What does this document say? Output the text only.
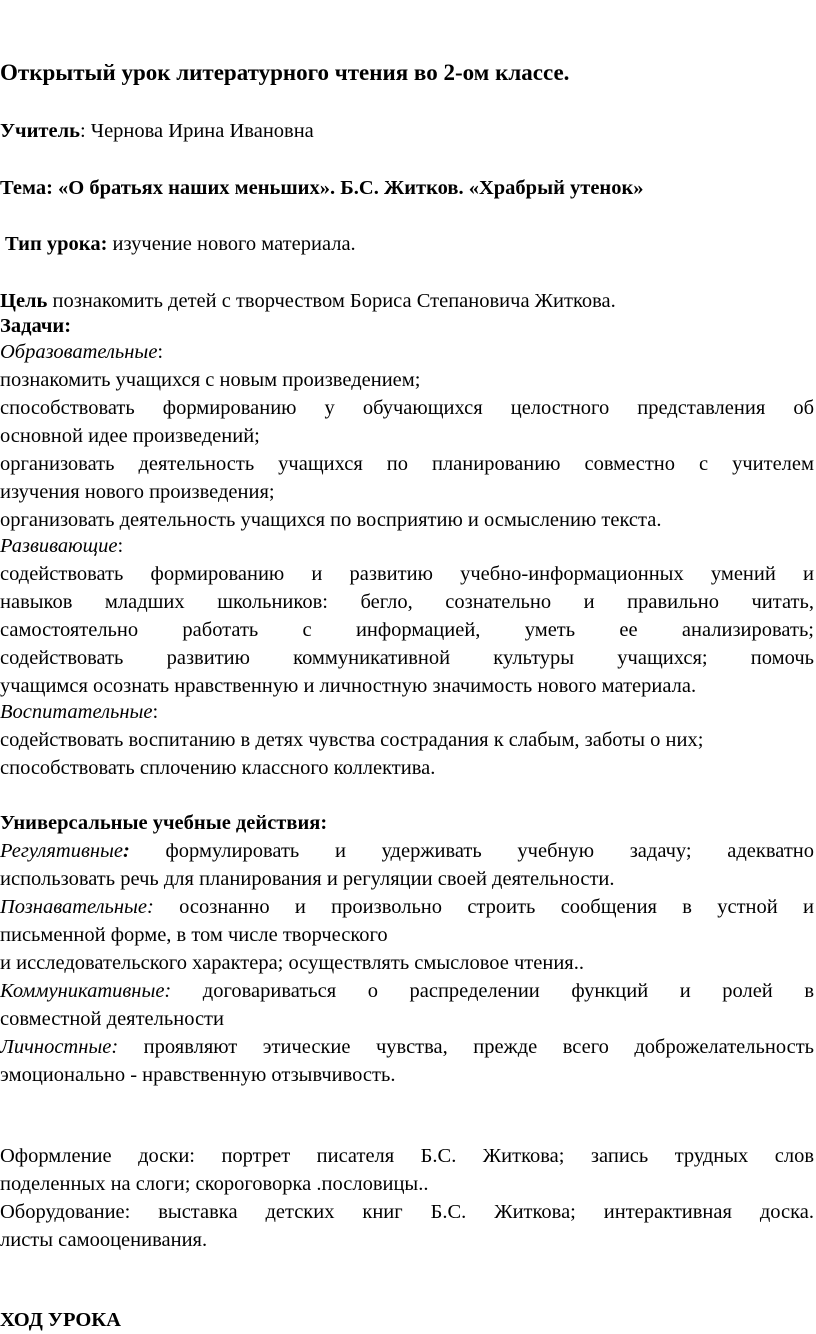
Открытый урок литературного чтения во 2-ом классе.
Учитель: Чернова Ирина Ивановна
Тема: «О братьях наших меньших». Б.С. Житков. «Храбрый утенок»
Тип урока: изучение нового материала.
Цель познакомить детей с творчеством Бориса Степановича Житкова.
Задачи:
Образовательные:
познакомить учащихся с новым произведением;
способствовать формированию у обучающихся целостного представления об
основной идее произведений;
организовать деятельность учащихся по планированию совместно с учителем
изучения нового произведения;
организовать деятельность учащихся по восприятию и осмыслению текста.
Развивающие:
содействовать формированию и развитию учебно-информационных умений и
навыков младших школьников: бегло, сознательно и правильно читать,
самостоятельно работать с информацией, уметь ее анализировать;
содействовать развитию коммуникативной культуры учащихся; помочь
учащимся осознать нравственную и личностную значимость нового материала.
Воспитательные:
содействовать воспитанию в детях чувства сострадания к слабым, заботы о них;
способствовать сплочению классного коллектива.
Универсальные учебные действия:
Регулятивные: формулировать и удерживать учебную задачу; адекватно
использовать речь для планирования и регуляции своей деятельности.
Познавательные: осознанно и произвольно строить сообщения в устной и
письменной форме, в том числе творческого
и исследовательского характера; осуществлять смысловое чтения..
Коммуникативные: договариваться о распределении функций и ролей в
совместной деятельности
Личностные: проявляют этические чувства, прежде всего доброжелательность
эмоционально - нравственную отзывчивость.
Оформление доски: портрет писателя Б.С. Житкова; запись трудных слов
поделенных на слоги; скороговорка .пословицы..
Оборудование: выставка детских книг Б.С. Житкова; интерактивная доска.
листы самооценивания.
ХОД УРОКА
